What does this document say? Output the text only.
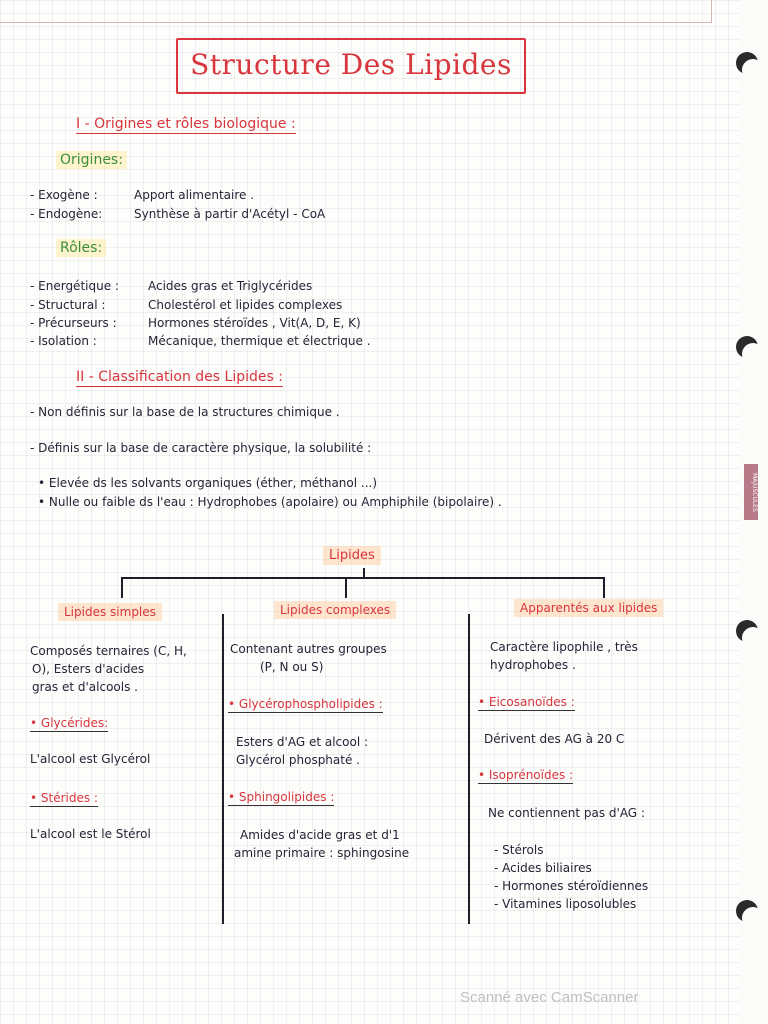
MAJUSCULES
Structure Des Lipides
I - Origines et rôles biologique :
Origines:
- Exogène :	Apport alimentaire .
- Endogène:	Synthèse à partir d'Acétyl - CoA
Rôles:
- Energétique : Acides gras et Triglycérides
- Structural :	Cholestérol et lipides complexes
- Précurseurs :	Hormones stéroïdes , Vit(A, D, E, K)
- Isolation :	Mécanique, thermique et électrique .
II - Classification des Lipides :
- Non définis sur la base de la structures chimique .
- Définis sur la base de caractère physique, la solubilité :
• Elevée ds les solvants organiques (éther, méthanol ...)
• Nulle ou faible ds l'eau : Hydrophobes (apolaire) ou Amphiphile (bipolaire) .
Lipides
Lipides simples
Composés ternaires (C, H,
O), Esters d'acides
gras et d'alcools .
• Glycérides:
L'alcool est Glycérol
• Stérides :
L'alcool est le Stérol
Lipides complexes
Contenant autres groupes
(P, N ou S)
• Glycérophospholipides :
Esters d'AG et alcool :
Glycérol phosphaté .
• Sphingolipides :
Amides d'acide gras et d'1
amine primaire : sphingosine
Apparentés aux lipides
Caractère lipophile , très
hydrophobes .
• Eicosanoïdes :
Dérivent des AG à 20 C
• Isoprénoïdes :
Ne contiennent pas d'AG :
- Stérols
- Acides biliaires
- Hormones stéroïdiennes
- Vitamines liposolubles
Scanné avec CamScanner
